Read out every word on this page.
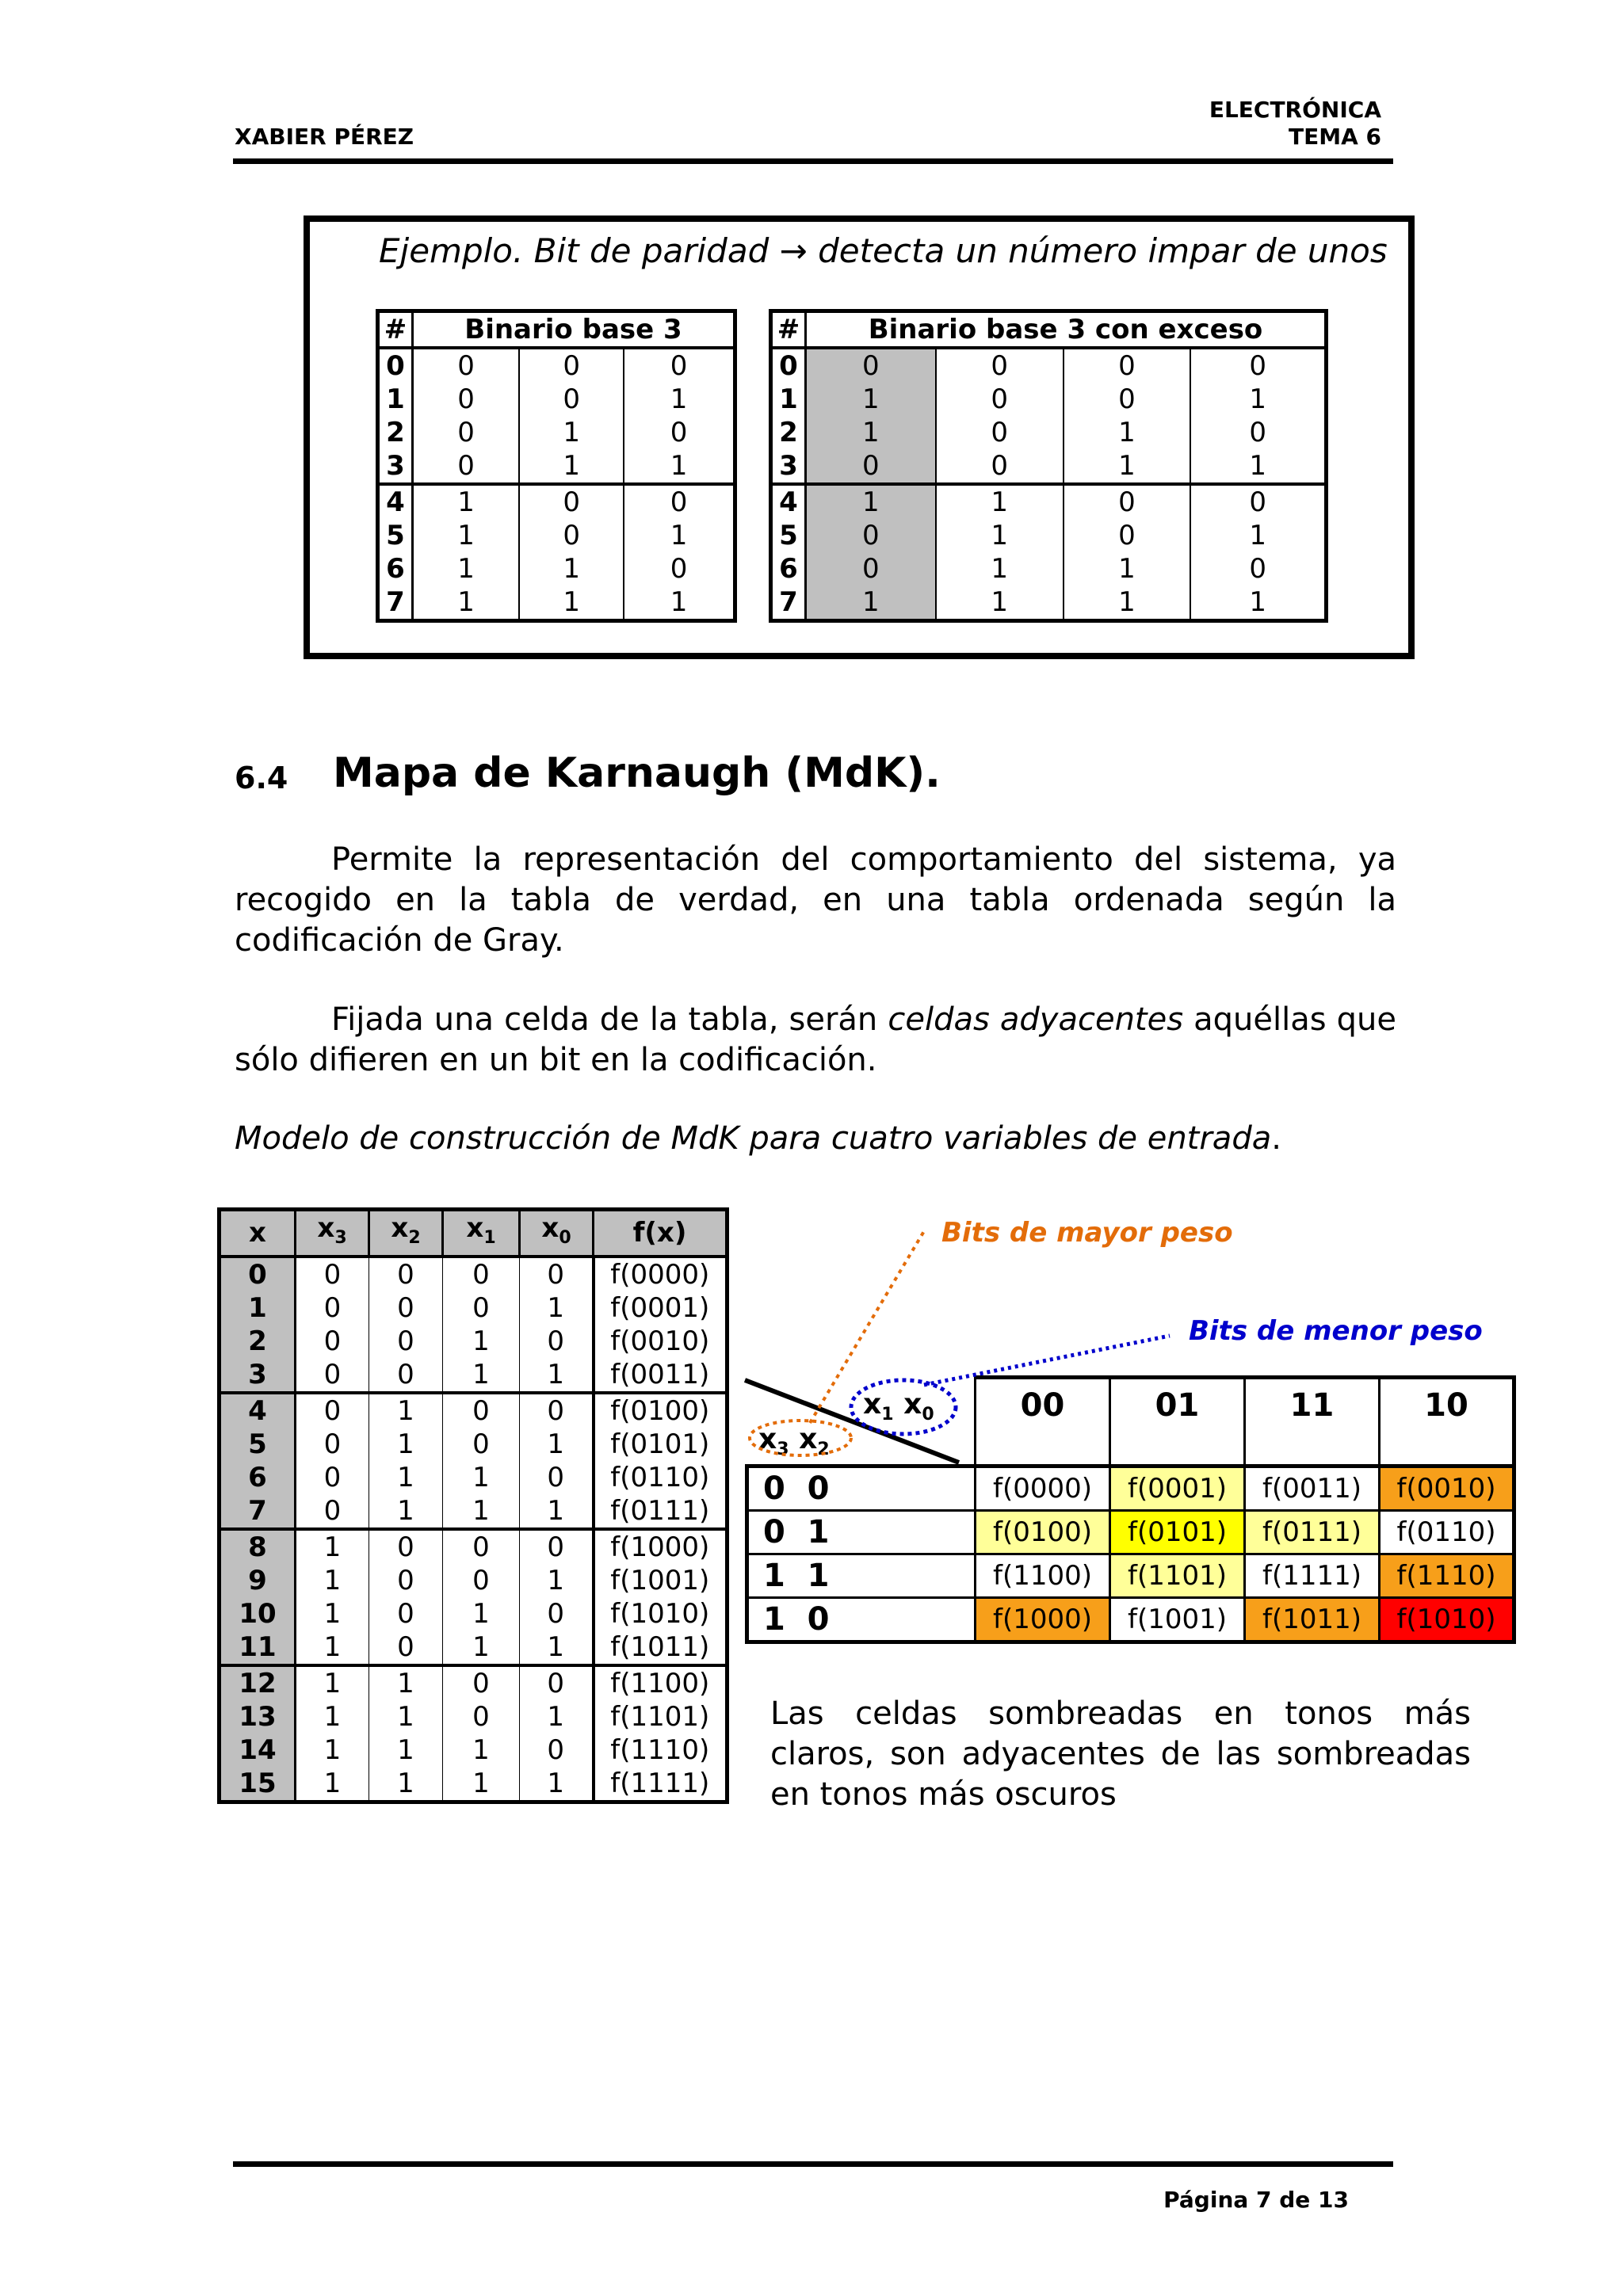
XABIER PÉREZ
ELECTRÓNICA
TEMA 6
Ejemplo. Bit de paridad → detecta un número impar de unos
#	Binario base 3		
0	0	0	0
1	0	0	1
2	0	1	0
3	0	1	1
4	1	0	0
5	1	0	1
6	1	1	0
7	1	1	1
#	Binario base 3 con exceso			
0	0	0	0	0
1	1	0	0	1
2	1	0	1	0
3	0	0	1	1
4	1	1	0	0
5	0	1	0	1
6	0	1	1	0
7	1	1	1	1
6.4 Mapa de Karnaugh (MdK).
Permite la representación del comportamiento del sistema, ya recogido en la tabla de verdad, en una tabla ordenada según la codificación de Gray.
Fijada una celda de la tabla, serán celdas adyacentes aquéllas que sólo difieren en un bit en la codificación.
Modelo de construcción de MdK para cuatro variables de entrada.
x	$x_3$	$x_2$	$x_1$	$x_0$	f(x)
0	0	0	0	0	f(0000)
1	0	0	0	1	f(0001)
2	0	0	1	0	f(0010)
3	0	0	1	1	f(0011)
4	0	1	0	0	f(0100)
5	0	1	0	1	f(0101)
6	0	1	1	0	f(0110)
7	0	1	1	1	f(0111)
8	1	0	0	0	f(1000)
9	1	0	0	1	f(1001)
10	1	0	1	0	f(1010)
11	1	0	1	1	f(1011)
12	1	1	0	0	f(1100)
13	1	1	0	1	f(1101)
14	1	1	1	0	f(1110)
15	1	1	1	1	f(1111)
Bits de mayor peso
Bits de menor peso
$x_1$ $x_0$
$x_3$ $x_2$
	00	01	11	10
0  0	f(0000)	f(0001)	f(0011)	f(0010)
0  1	f(0100)	f(0101)	f(0111)	f(0110)
1  1	f(1100)	f(1101)	f(1111)	f(1110)
1  0	f(1000)	f(1001)	f(1011)	f(1010)
Las celdas sombreadas en tonos más claros, son adyacentes de las sombreadas en tonos más oscuros
Página 7 de 13
